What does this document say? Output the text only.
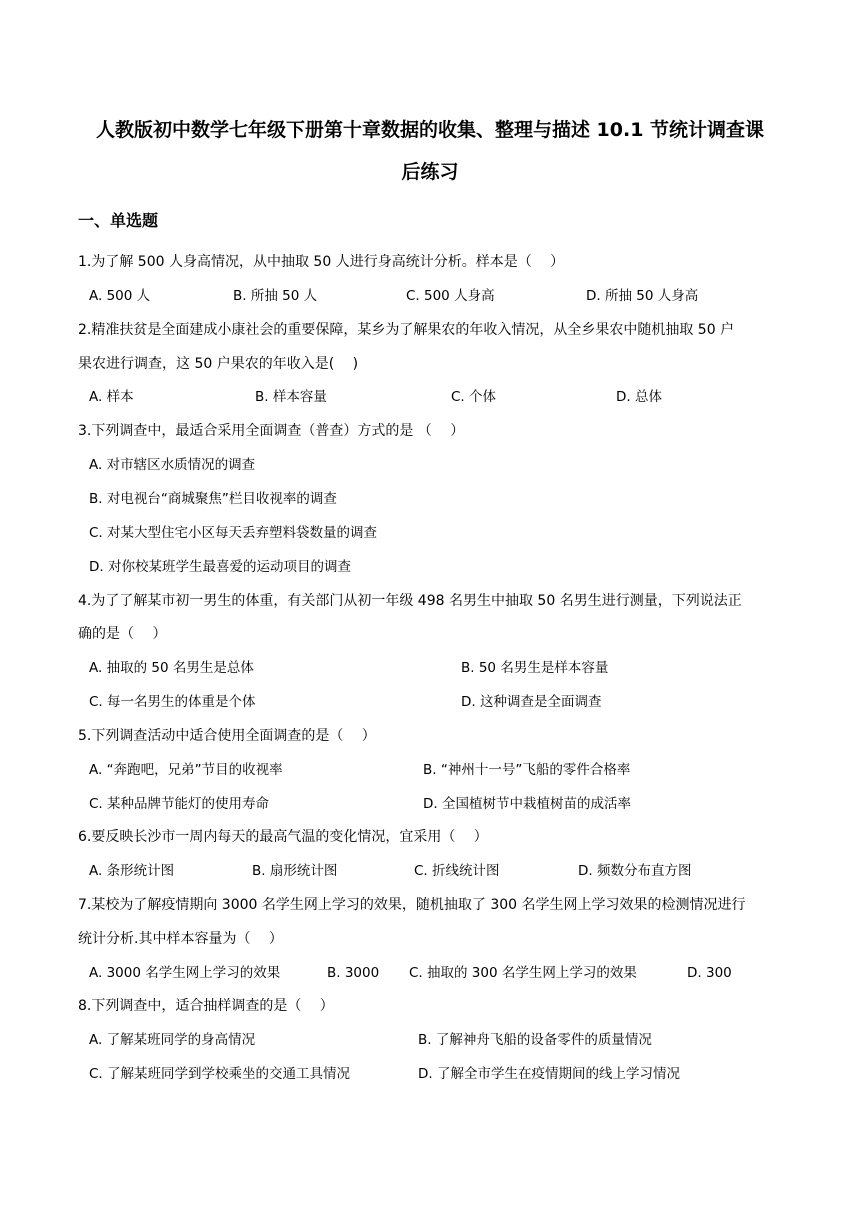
人教版初中数学七年级下册第十章数据的收集、整理与描述 10.1 节统计调查课
后练习
一、单选题
1.为了解 500 人身高情况，从中抽取 50 人进行身高统计分析。样本是（　 ）
A. 500 人	B. 所抽 50 人	C. 500 人身高	D. 所抽 50 人身高
2.精准扶贫是全面建成小康社会的重要保障，某乡为了解果农的年收入情况，从全乡果农中随机抽取 50 户
果农进行调查，这 50 户果农的年收入是(　 )
A. 样本	B. 样本容量	C. 个体	D. 总体
3.下列调查中，最适合采用全面调查（普查）方式的是 （　 ）
A. 对市辖区水质情况的调查
B. 对电视台“商城聚焦”栏目收视率的调查
C. 对某大型住宅小区每天丢弃塑料袋数量的调查
D. 对你校某班学生最喜爱的运动项目的调查
4.为了了解某市初一男生的体重，有关部门从初一年级 498 名男生中抽取 50 名男生进行测量，下列说法正
确的是（　 ）
A. 抽取的 50 名男生是总体	B. 50 名男生是样本容量
C. 每一名男生的体重是个体	D. 这种调查是全面调查
5.下列调查活动中适合使用全面调查的是（　 ）
A. “奔跑吧，兄弟”节目的收视率	B. “神州十一号”飞船的零件合格率
C. 某种品牌节能灯的使用寿命	D. 全国植树节中栽植树苗的成活率
6.要反映长沙市一周内每天的最高气温的变化情况，宜采用（　 ）
A. 条形统计图	B. 扇形统计图	C. 折线统计图	D. 频数分布直方图
7.某校为了解疫情期向 3000 名学生网上学习的效果，随机抽取了 300 名学生网上学习效果的检测情况进行
统计分析.其中样本容量为（　 ）
A. 3000 名学生网上学习的效果	B. 3000 C. 抽取的 300 名学生网上学习的效果	D. 300
8.下列调查中，适合抽样调查的是（　 ）
A. 了解某班同学的身高情况	B. 了解神舟飞船的设备零件的质量情况
C. 了解某班同学到学校乘坐的交通工具情况	D. 了解全市学生在疫情期间的线上学习情况
